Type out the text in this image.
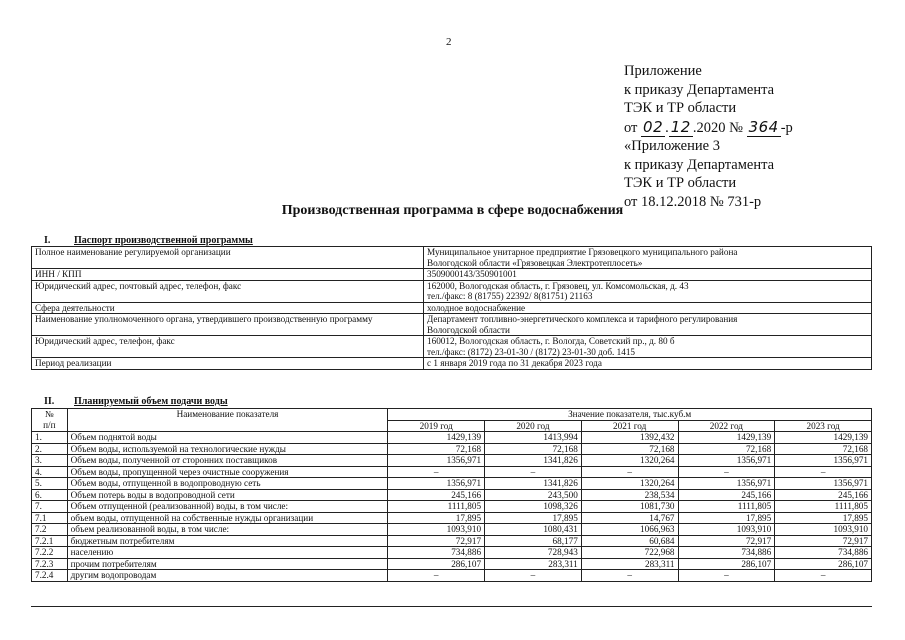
2
Приложение
к приказу Департамента
ТЭК и ТР области
от 02 . 12 .2020 № 364 -р
«Приложение 3
к приказу Департамента
ТЭК и ТР области
от 18.12.2018 № 731-р
Производственная программа в сфере водоснабжения
I. Паспорт производственной программы
Полное наименование регулируемой организации	Муниципальное унитарное предприятие Грязовецкого муниципального района
Вологодской области «Грязовецкая Электротеплосеть»

ИНН / КПП	3509000143/350901001

Юридический адрес, почтовый адрес, телефон, факс	162000, Вологодская область, г. Грязовец, ул. Комсомольская, д. 43
тел./факс: 8 (81755) 22392/ 8(81751) 21163

Сфера деятельности	холодное водоснабжение

Наименование уполномоченного органа, утвердившего производственную программу	Департамент топливно-энергетического комплекса и тарифного регулирования
Вологодской области

Юридический адрес, телефон, факс	160012, Вологодская область, г. Вологда, Советский пр., д. 80 б
тел./факс: (8172) 23-01-30 / (8172) 23-01-30 доб. 1415

Период реализации	с 1 января 2019 года по 31 декабря 2023 года
II. Планируемый объем подачи воды
№
п/п	Наименование показателя	Значение показателя, тыс.куб.м				
		2019 год	2020 год	2021 год	2022 год	2023 год
1.	Объем поднятой воды	1429,139	1413,994	1392,432	1429,139	1429,139
2.	Объем воды, используемой на технологические нужды	72,168	72,168	72,168	72,168	72,168
3.	Объем воды, полученной от сторонних поставщиков	1356,971	1341,826	1320,264	1356,971	1356,971
4.	Объем воды, пропущенной через очистные сооружения	–	–	–	–	–
5.	Объем воды, отпущенной в водопроводную сеть	1356,971	1341,826	1320,264	1356,971	1356,971
6.	Объем потерь воды в водопроводной сети	245,166	243,500	238,534	245,166	245,166
7.	Объем отпущенной (реализованной) воды, в том числе:	1111,805	1098,326	1081,730	1111,805	1111,805
7.1	объем воды, отпущенной на собственные нужды организации	17,895	17,895	14,767	17,895	17,895
7.2	объем реализованной воды, в том числе:	1093,910	1080,431	1066,963	1093,910	1093,910
7.2.1	бюджетным потребителям	72,917	68,177	60,684	72,917	72,917
7.2.2	населению	734,886	728,943	722,968	734,886	734,886
7.2.3	прочим потребителям	286,107	283,311	283,311	286,107	286,107
7.2.4	другим водопроводам	–	–	–	–	–
